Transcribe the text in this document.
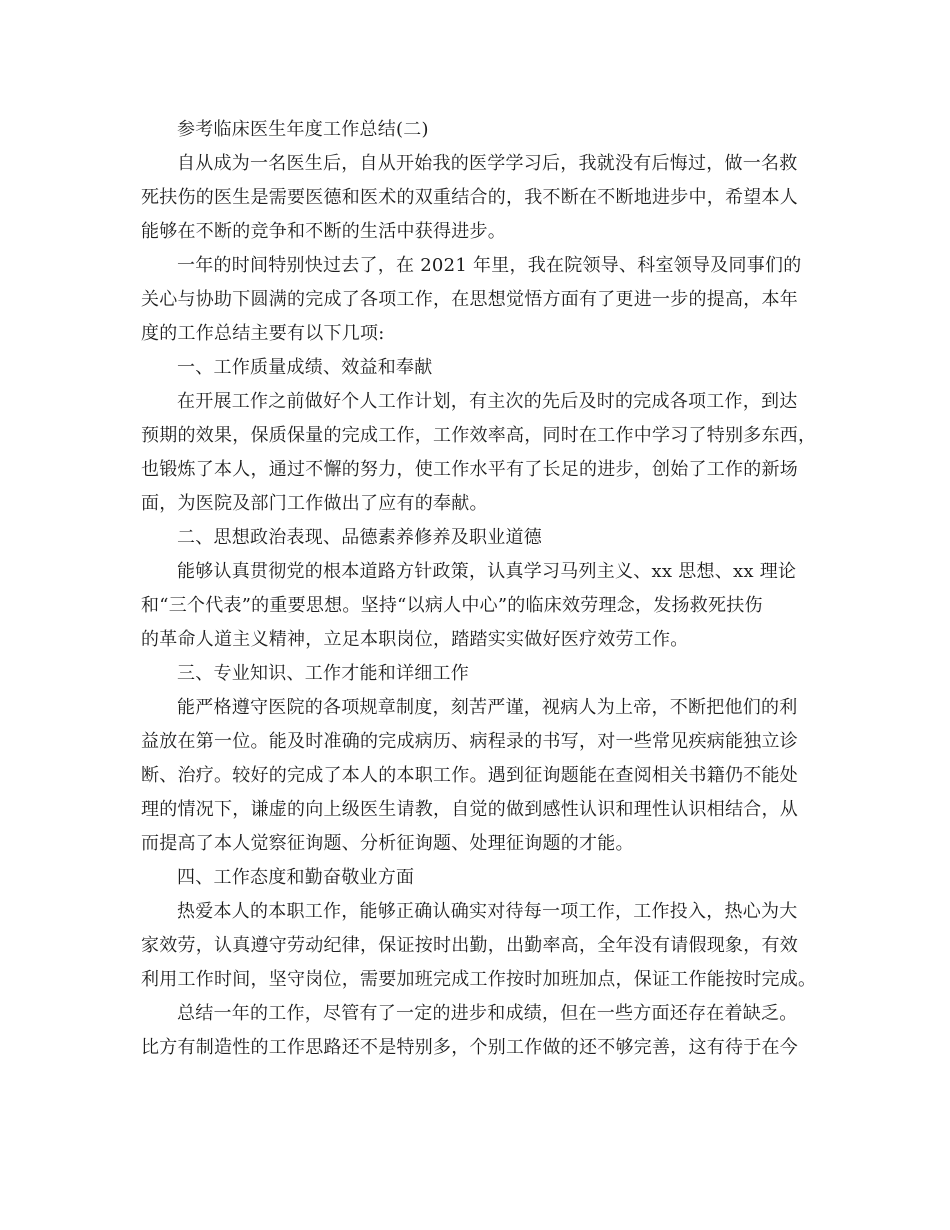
参考临床医生年度工作总结(二)
自从成为一名医生后，自从开始我的医学学习后，我就没有后悔过，做一名救
死扶伤的医生是需要医德和医术的双重结合的，我不断在不断地进步中，希望本人
能够在不断的竞争和不断的生活中获得进步。
一年的时间特别快过去了，在 2021 年里，我在院领导、科室领导及同事们的
关心与协助下圆满的完成了各项工作，在思想觉悟方面有了更进一步的提高，本年
度的工作总结主要有以下几项:
一、工作质量成绩、效益和奉献
在开展工作之前做好个人工作计划，有主次的先后及时的完成各项工作，到达
预期的效果，保质保量的完成工作，工作效率高，同时在工作中学习了特别多东西，
也锻炼了本人，通过不懈的努力，使工作水平有了长足的进步，创始了工作的新场
面，为医院及部门工作做出了应有的奉献。
二、思想政治表现、品德素养修养及职业道德
能够认真贯彻党的根本道路方针政策，认真学习马列主义、xx 思想、xx 理论
和“三个代表”的重要思想。坚持“以病人中心”的临床效劳理念，发扬救死扶伤
的革命人道主义精神，立足本职岗位，踏踏实实做好医疗效劳工作。
三、专业知识、工作才能和详细工作
能严格遵守医院的各项规章制度，刻苦严谨，视病人为上帝，不断把他们的利
益放在第一位。能及时准确的完成病历、病程录的书写，对一些常见疾病能独立诊
断、治疗。较好的完成了本人的本职工作。遇到征询题能在查阅相关书籍仍不能处
理的情况下，谦虚的向上级医生请教，自觉的做到感性认识和理性认识相结合，从
而提高了本人觉察征询题、分析征询题、处理征询题的才能。
四、工作态度和勤奋敬业方面
热爱本人的本职工作，能够正确认确实对待每一项工作，工作投入，热心为大
家效劳，认真遵守劳动纪律，保证按时出勤，出勤率高，全年没有请假现象，有效
利用工作时间，坚守岗位，需要加班完成工作按时加班加点，保证工作能按时完成。
总结一年的工作，尽管有了一定的进步和成绩，但在一些方面还存在着缺乏。
比方有制造性的工作思路还不是特别多，个别工作做的还不够完善，这有待于在今
